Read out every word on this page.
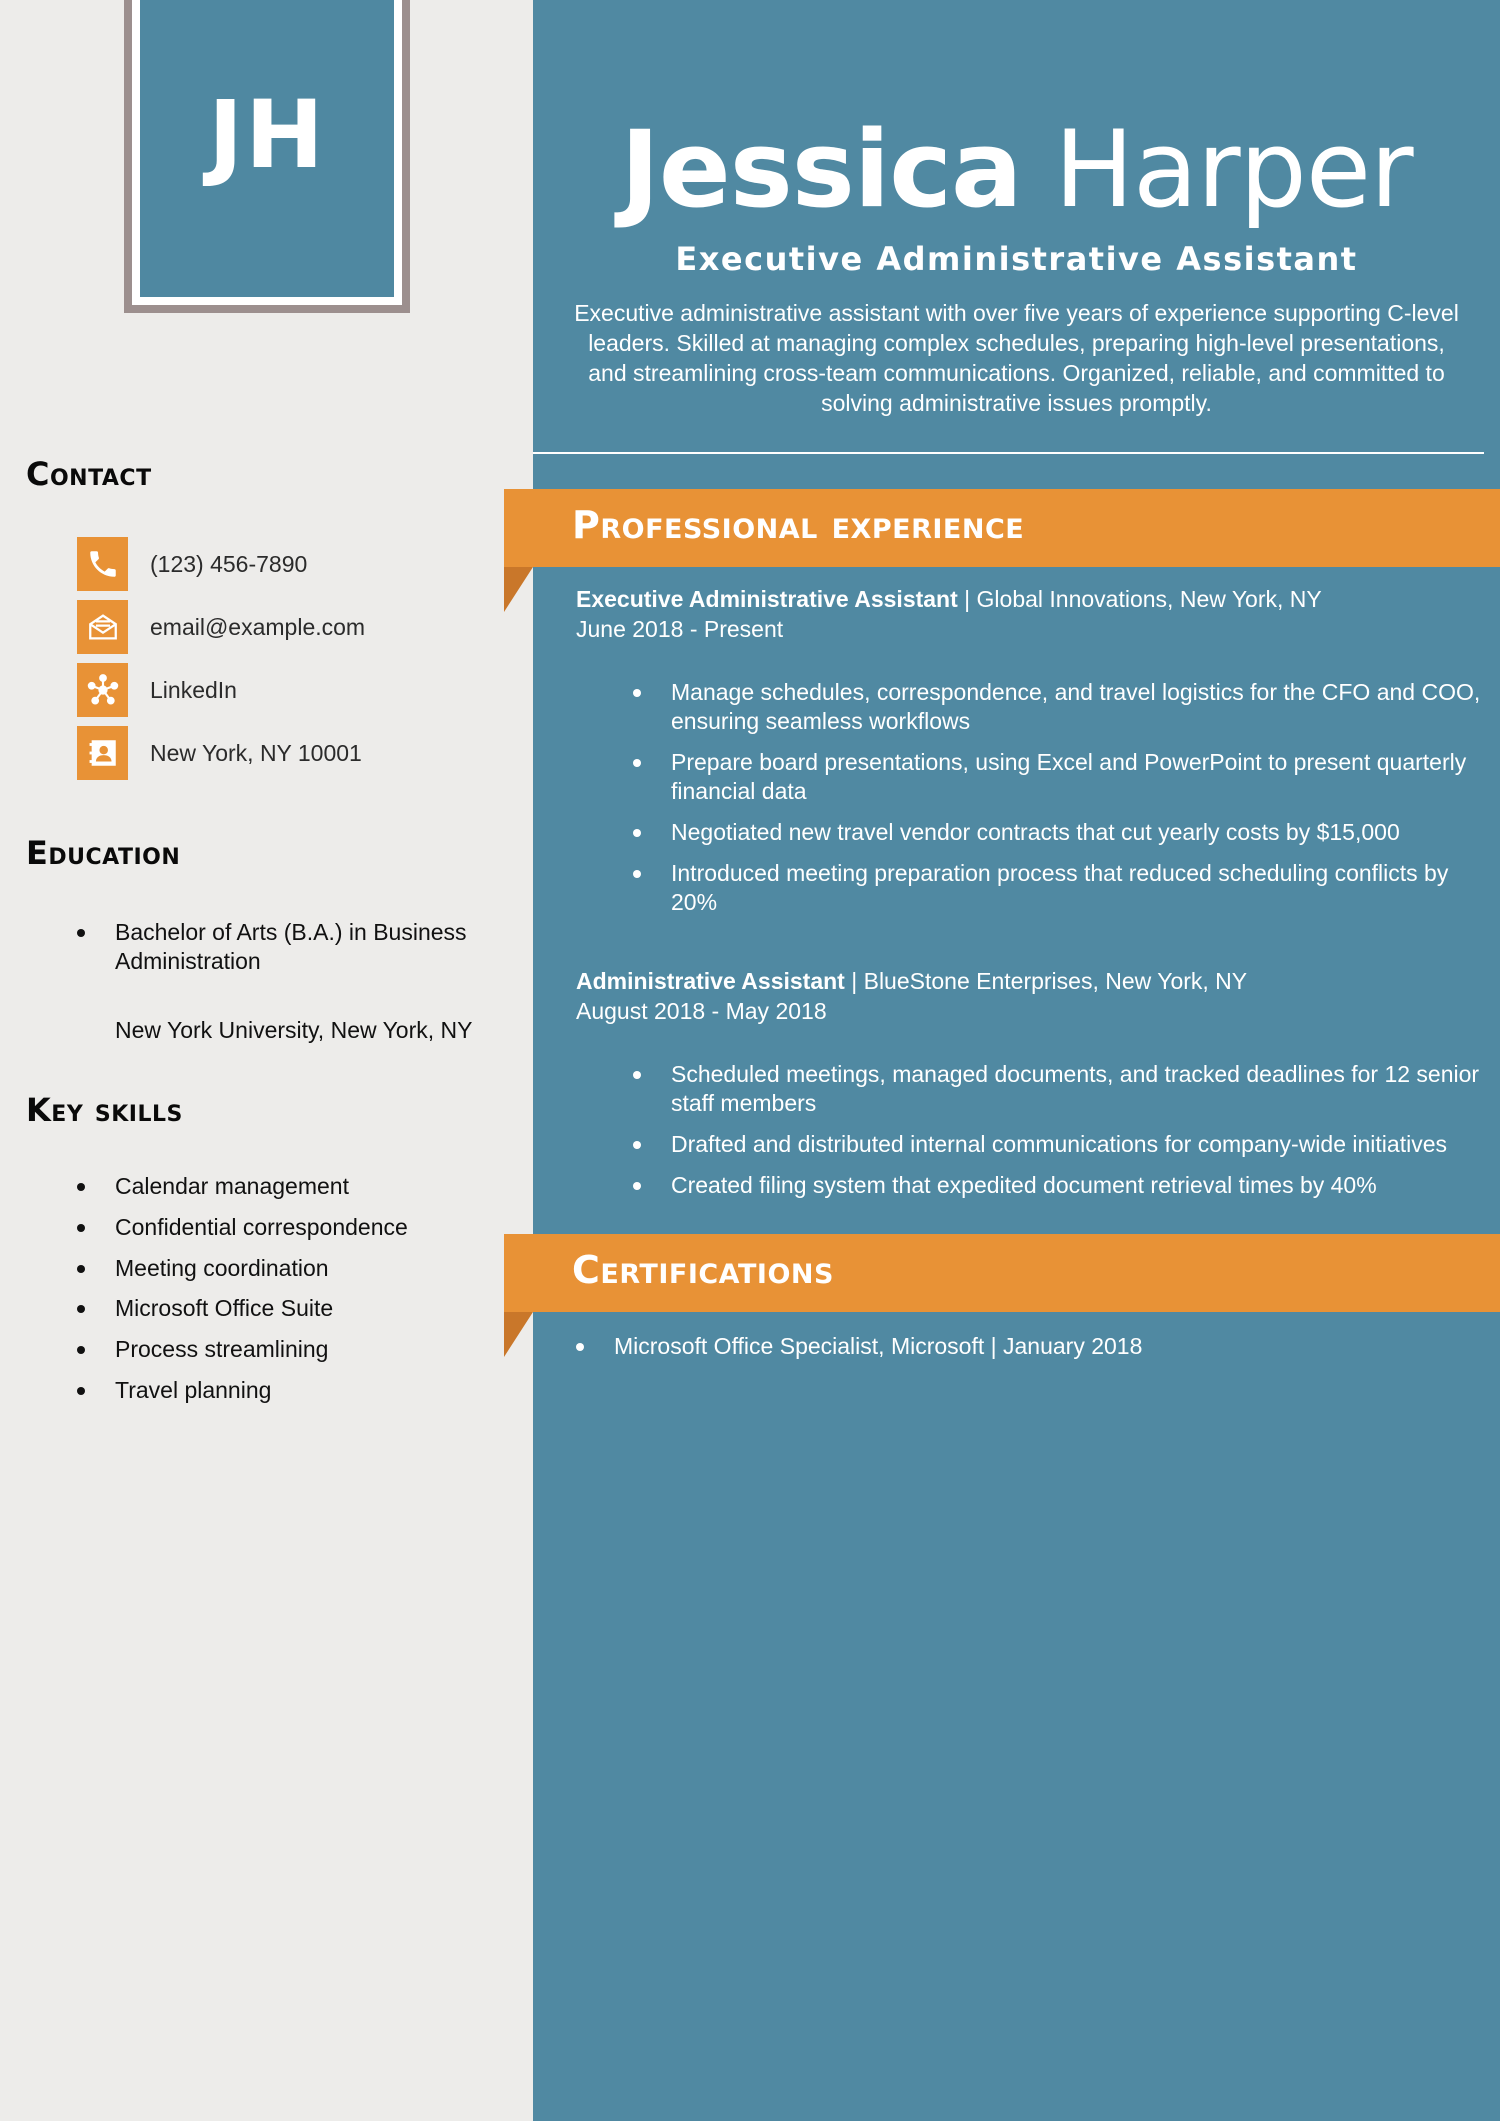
JH
Contact
(123) 456-7890
email@example.com
LinkedIn
New York, NY 10001
Education
Bachelor of Arts (B.A.) in Business Administration
New York University, New York, NY
Key skills
Calendar management
Confidential correspondence
Meeting coordination
Microsoft Office Suite
Process streamlining
Travel planning
Jessica Harper
Executive Administrative Assistant

Executive administrative assistant with over five years of experience supporting C-level leaders. Skilled at managing complex schedules, preparing high-level presentations, and streamlining cross-team communications. Organized, reliable, and committed to solving administrative issues promptly.

Professional experience
Executive Administrative Assistant | Global Innovations, New York, NY
June 2018 - Present
Manage schedules, correspondence, and travel logistics for the CFO and COO, ensuring seamless workflows
Prepare board presentations, using Excel and PowerPoint to present quarterly financial data
Negotiated new travel vendor contracts that cut yearly costs by $15,000
Introduced meeting preparation process that reduced scheduling conflicts by 20%
Administrative Assistant | BlueStone Enterprises, New York, NY
August 2018 - May 2018
Scheduled meetings, managed documents, and tracked deadlines for 12 senior staff members
Drafted and distributed internal communications for company-wide initiatives
Created filing system that expedited document retrieval times by 40%
Certifications
Microsoft Office Specialist, Microsoft | January 2018
